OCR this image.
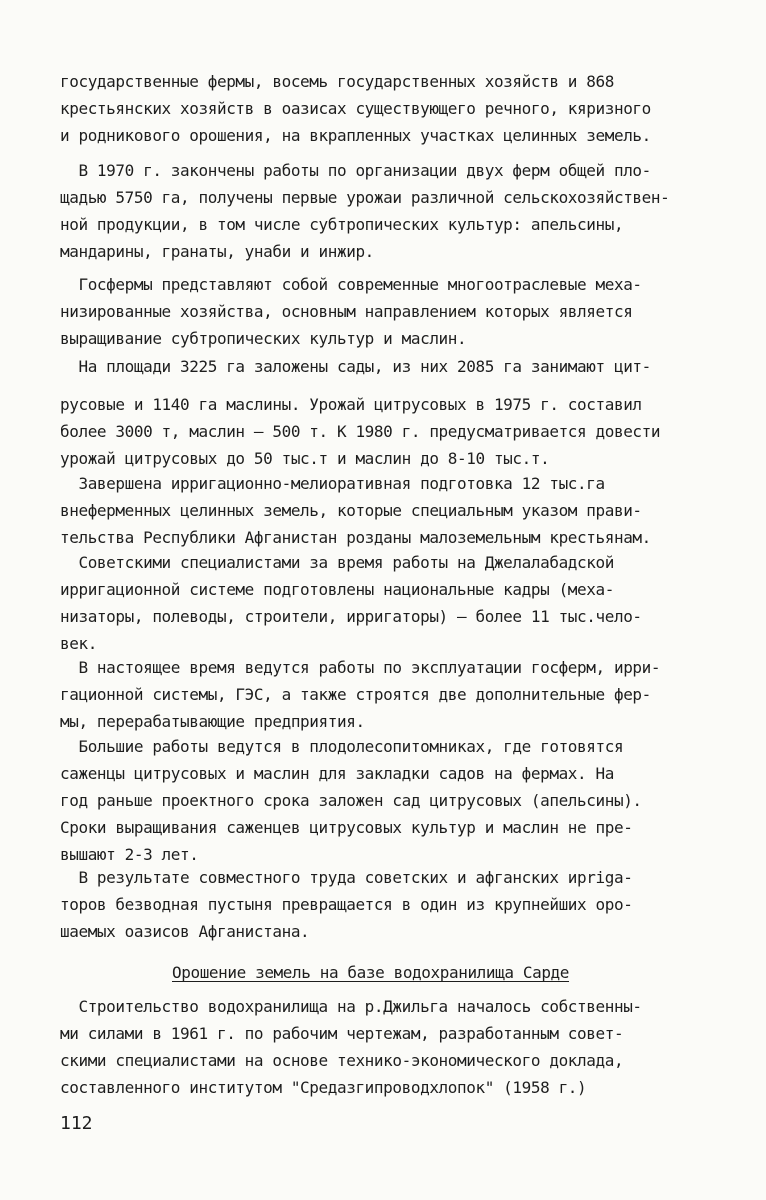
государственные фермы, восемь государственных хозяйств и 868
крестьянских хозяйств в оазисах существующего речного, кяризного
и родникового орошения, на вкрапленных участках целинных земель.
В 1970 г. закончены работы по организации двух ферм общей пло-
щадью 5750 га, получены первые урожаи различной сельскохозяйствен-
ной продукции, в том числе субтропических культур: апельсины,
мандарины, гранаты, унаби и инжир.
Госфермы представляют собой современные многоотраслевые меха-
низированные хозяйства, основным направлением которых является
выращивание субтропических культур и маслин.
На площади 3225 га заложены сады, из них 2085 га занимают цит-
русовые и 1140 га маслины. Урожай цитрусовых в 1975 г. составил
более 3000 т, маслин – 500 т. К 1980 г. предусматривается довести
урожай цитрусовых до 50 тыс.т и маслин до 8-10 тыс.т.
Завершена ирригационно-мелиоративная подготовка 12 тыс.га
внеферменных целинных земель, которые специальным указом прави-
тельства Республики Афганистан розданы малоземельным крестьянам.
Советскими специалистами за время работы на Джелалабадской
ирригационной системе подготовлены национальные кадры (меха-
низаторы, полеводы, строители, ирригаторы) – более 11 тыс.чело-
век.
В настоящее время ведутся работы по эксплуатации госферм, ирри-
гационной системы, ГЭС, а также строятся две дополнительные фер-
мы, перерабатывающие предприятия.
Большие работы ведутся в плодолесопитомниках, где готовятся
саженцы цитрусовых и маслин для закладки садов на фермах. На
год раньше проектного срока заложен сад цитрусовых (апельсины).
Сроки выращивания саженцев цитрусовых культур и маслин не пре-
вышают 2-3 лет.
В результате совместного труда советских и афганских ирriga-
торов безводная пустыня превращается в один из крупнейших оро-
шаемых оазисов Афганистана.
Орошение земель на базе водохранилища Сарде
Строительство водохранилища на р.Джильга началось собственны-
ми силами в 1961 г. по рабочим чертежам, разработанным совет-
скими специалистами на основе технико-экономического доклада,
составленного институтом "Средазгипроводхлопок" (1958 г.)
112
